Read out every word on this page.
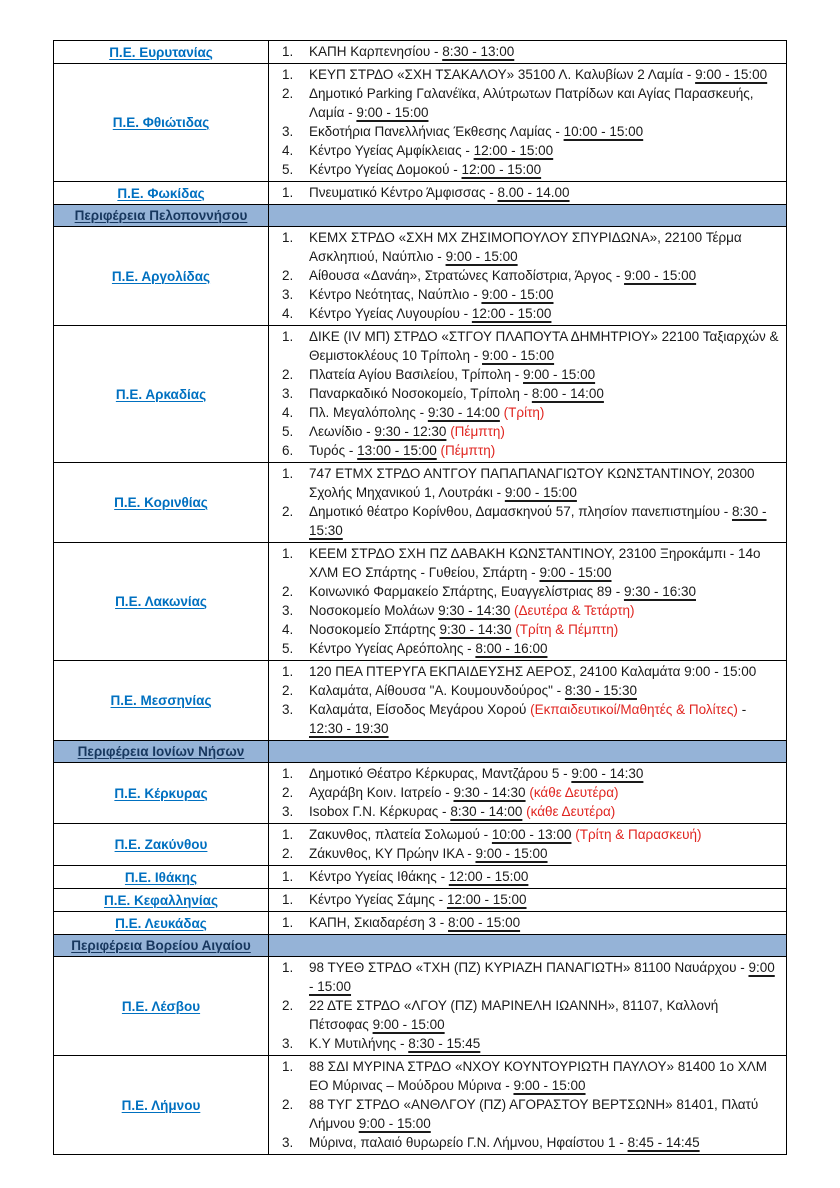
Π.Ε. Ευρυτανίας	1. ΚΑΠΗ Καρπενησίου - 8:30 - 13:00

Π.Ε. Φθιώτιδας	
1.	ΚΕΥΠ ΣΤΡΔΟ «ΣΧΗ ΤΣΑΚΑΛΟΥ» 35100 Λ. Καλυβίων 2 Λαμία - 9:00 - 15:00
2.	Δημοτικό Parking Γαλανέϊκα, Αλύτρωτων Πατρίδων και Αγίας Παρασκευής, Λαμία - 9:00 - 15:00
3.	Εκδοτήρια Πανελλήνιας Έκθεσης Λαμίας - 10:00 - 15:00
4.	Κέντρο Υγείας Αμφίκλειας - 12:00 - 15:00
5.	Κέντρο Υγείας Δομοκού - 12:00 - 15:00

Π.Ε. Φωκίδας	1. Πνευματικό Κέντρο Άμφισσας - 8.00 - 14.00

Περιφέρεια Πελοποννήσου	
Π.Ε. Αργολίδας	
1.	ΚΕΜΧ ΣΤΡΔΟ «ΣΧΗ ΜΧ ΖΗΣΙΜΟΠΟΥΛΟΥ ΣΠΥΡΙΔΩΝΑ», 22100 Τέρμα Ασκληπιού, Ναύπλιο - 9:00 - 15:00
2.	Αίθουσα «Δανάη», Στρατώνες Καποδίστρια, Άργος - 9:00 - 15:00
3.	Κέντρο Νεότητας, Ναύπλιο - 9:00 - 15:00
4.	Κέντρο Υγείας Λυγουρίου - 12:00 - 15:00

Π.Ε. Αρκαδίας	
1.	ΔΙΚΕ (ΙV ΜΠ) ΣΤΡΔΟ «ΣΤΓΟΥ ΠΛΑΠΟΥΤΑ ΔΗΜΗΤΡΙΟΥ» 22100 Ταξιαρχών & Θεμιστοκλέους 10 Τρίπολη - 9:00 - 15:00
2.	Πλατεία Αγίου Βασιλείου, Τρίπολη - 9:00 - 15:00
3.	Παναρκαδικό Νοσοκομείο, Τρίπολη - 8:00 - 14:00
4.	Πλ. Μεγαλόπολης - 9:30 - 14:00 (Τρίτη)
5.	Λεωνίδιο - 9:30 - 12:30 (Πέμπτη)
6.	Τυρός - 13:00 - 15:00 (Πέμπτη)

Π.Ε. Κορινθίας	1. 747 ΕΤΜΧ ΣΤΡΔΟ ΑΝΤΓΟΥ ΠΑΠΑΠΑΝΑΓΙΩΤΟΥ ΚΩΝΣΤΑΝΤΙΝΟΥ, 20300 Σχολής Μηχανικού 1, Λουτράκι - 9:00 - 15:00
2. Δημοτικό θέατρο Κορίνθου, Δαμασκηνού 57, πλησίον πανεπιστημίου - 8:30 - 15:30

Π.Ε. Λακωνίας	
1.	ΚΕΕΜ ΣΤΡΔΟ ΣΧΗ ΠΖ ΔΑΒΑΚΗ ΚΩΝΣΤΑΝΤΙΝΟΥ, 23100 Ξηροκάμπι - 14ο ΧΛΜ ΕΟ Σπάρτης - Γυθείου, Σπάρτη - 9:00 - 15:00
2.	Κοινωνικό Φαρμακείο Σπάρτης, Ευαγγελίστριας 89 - 9:30 - 16:30
3.	Νοσοκομείο Μολάων 9:30 - 14:30 (Δευτέρα & Τετάρτη)
4.	Νοσοκομείο Σπάρτης 9:30 - 14:30 (Τρίτη & Πέμπτη)
5.	Κέντρο Υγείας Αρεόπολης - 8:00 - 16:00

Π.Ε. Μεσσηνίας	
1.	120 ΠΕΑ ΠΤΕΡΥΓΑ ΕΚΠΑΙΔΕΥΣΗΣ ΑΕΡΟΣ, 24100 Καλαμάτα 9:00 - 15:00
2.	Καλαμάτα, Αίθουσα "Α. Κουμουνδούρος" - 8:30 - 15:30
3.	Καλαμάτα, Είσοδος Μεγάρου Χορού (Εκπαιδευτικοί/Μαθητές & Πολίτες) - 12:30 - 19:30

Περιφέρεια Ιονίων Νήσων	
Π.Ε. Κέρκυρας	
1.	Δημοτικό Θέατρο Κέρκυρας, Μαντζάρου 5 - 9:00 - 14:30
2.	Αχαράβη Κοιν. Ιατρείο - 9:30 - 14:30 (κάθε Δευτέρα)
3.	Isobox Γ.Ν. Κέρκυρας - 8:30 - 14:00 (κάθε Δευτέρα)

Π.Ε. Ζακύνθου	1. Ζακυνθος, πλατεία Σολωμού - 10:00 - 13:00 (Τρίτη & Παρασκευή)
2. Ζάκυνθος, ΚΥ Πρώην ΙΚΑ - 9:00 - 15:00

Π.Ε. Ιθάκης	1. Κέντρο Υγείας Ιθάκης - 12:00 - 15:00

Π.Ε. Κεφαλληνίας	1. Κέντρο Υγείας Σάμης - 12:00 - 15:00

Π.Ε. Λευκάδας	1. ΚΑΠΗ, Σκιαδαρέση 3 - 8:00 - 15:00

Περιφέρεια Βορείου Αιγαίου	
Π.Ε. Λέσβου	
1.	98 ΤΥΕΘ ΣΤΡΔΟ «ΤΧΗ (ΠΖ) ΚΥΡΙΑΖΗ ΠΑΝΑΓΙΩΤΗ» 81100 Ναυάρχου - 9:00 - 15:00
2.	22 ΔΤΕ ΣΤΡΔΟ «ΛΓΟΥ (ΠΖ) ΜΑΡΙΝΕΛΗ ΙΩΑΝΝΗ», 81107, Καλλονή Πέτσοφας 9:00 - 15:00
3.	Κ.Υ Μυτιλήνης - 8:30 - 15:45

Π.Ε. Λήμνου	
1.	88 ΣΔΙ ΜΥΡΙΝΑ ΣΤΡΔΟ «ΝΧΟΥ ΚΟΥΝΤΟΥΡΙΩΤΗ ΠΑΥΛΟΥ» 81400 1ο ΧΛΜ ΕΟ Μύρινας – Μούδρου Μύρινα - 9:00 - 15:00
2.	88 ΤΥΓ ΣΤΡΔΟ «ΑΝΘΛΓΟΥ (ΠΖ) ΑΓΟΡΑΣΤΟΥ ΒΕΡΤΣΩΝΗ» 81401, Πλατύ Λήμνου 9:00 - 15:00
3.	Μύρινα, παλαιό θυρωρείο Γ.Ν. Λήμνου, Ηφαίστου 1 - 8:45 - 14:45
